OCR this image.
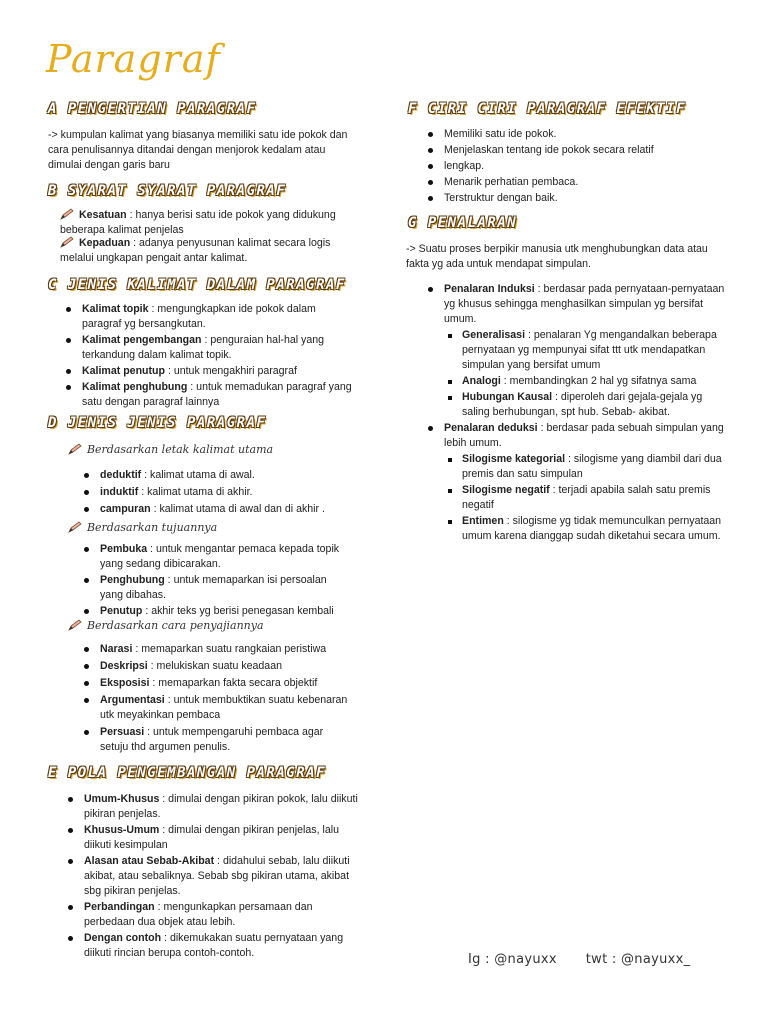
Paragraf
A PENGERTIAN PARAGRAF

-> kumpulan kalimat yang biasanya memiliki satu ide pokok dan cara penulisannya ditandai dengan menjorok kedalam atau dimulai dengan garis baru

B SYARAT SYARAT PARAGRAF
Kesatuan : hanya berisi satu ide pokok yang didukung beberapa kalimat penjelas
Kepaduan : adanya penyusunan kalimat secara logis melalui ungkapan pengait antar kalimat.
C JENIS KALIMAT DALAM PARAGRAF
Kalimat topik : mengungkapkan ide pokok dalam paragraf yg bersangkutan.
Kalimat pengembangan : penguraian hal-hal yang terkandung dalam kalimat topik.
Kalimat penutup : untuk mengakhiri paragraf
Kalimat penghubung : untuk memadukan paragraf yang satu dengan paragraf lainnya
D JENIS JENIS PARAGRAF
Berdasarkan letak kalimat utama
deduktif : kalimat utama di awal.
induktif : kalimat utama di akhir.
campuran : kalimat utama di awal dan di akhir .
Berdasarkan tujuannya
Pembuka : untuk mengantar pemaca kepada topik yang sedang dibicarakan.
Penghubung : untuk memaparkan isi persoalan yang dibahas.
Penutup : akhir teks yg berisi penegasan kembali
Berdasarkan cara penyajiannya
Narasi : memaparkan suatu rangkaian peristiwa
Deskripsi : melukiskan suatu keadaan
Eksposisi : memaparkan fakta secara objektif
Argumentasi : untuk membuktikan suatu kebenaran utk meyakinkan pembaca
Persuasi : untuk mempengaruhi pembaca agar setuju thd argumen penulis.
E POLA PENGEMBANGAN PARAGRAF
Umum-Khusus : dimulai dengan pikiran pokok, lalu diikuti pikiran penjelas.
Khusus-Umum : dimulai dengan pikiran penjelas, lalu diikuti kesimpulan
Alasan atau Sebab-Akibat : didahului sebab, lalu diikuti akibat, atau sebaliknya. Sebab sbg pikiran utama, akibat sbg pikiran penjelas.
Perbandingan : mengunkapkan persamaan dan perbedaan dua objek atau lebih.
Dengan contoh : dikemukakan suatu pernyataan yang diikuti rincian berupa contoh-contoh.
F CIRI CIRI PARAGRAF EFEKTIF
Memiliki satu ide pokok.
Menjelaskan tentang ide pokok secara relatif
lengkap.
Menarik perhatian pembaca.
Terstruktur dengan baik.
G PENALARAN

-> Suatu proses berpikir manusia utk menghubungkan data atau fakta yg ada untuk mendapat simpulan.

Penalaran Induksi : berdasar pada pernyataan-pernyataan yg khusus sehingga menghasilkan simpulan yg bersifat umum.
Generalisasi : penalaran Yg mengandalkan beberapa pernyataan yg mempunyai sifat ttt utk mendapatkan simpulan yang bersifat umum
Analogi : membandingkan 2 hal yg sifatnya sama
Hubungan Kausal : diperoleh dari gejala-gejala yg saling berhubungan, spt hub. Sebab- akibat.
Penalaran deduksi : berdasar pada sebuah simpulan yang lebih umum.
Silogisme kategorial : silogisme yang diambil dari dua premis dan satu simpulan
Silogisme negatif : terjadi apabila salah satu premis negatif
Entimen : silogisme yg tidak memunculkan pernyataan umum karena dianggap sudah diketahui secara umum.
Ig : @nayuxx twt : @nayuxx_
